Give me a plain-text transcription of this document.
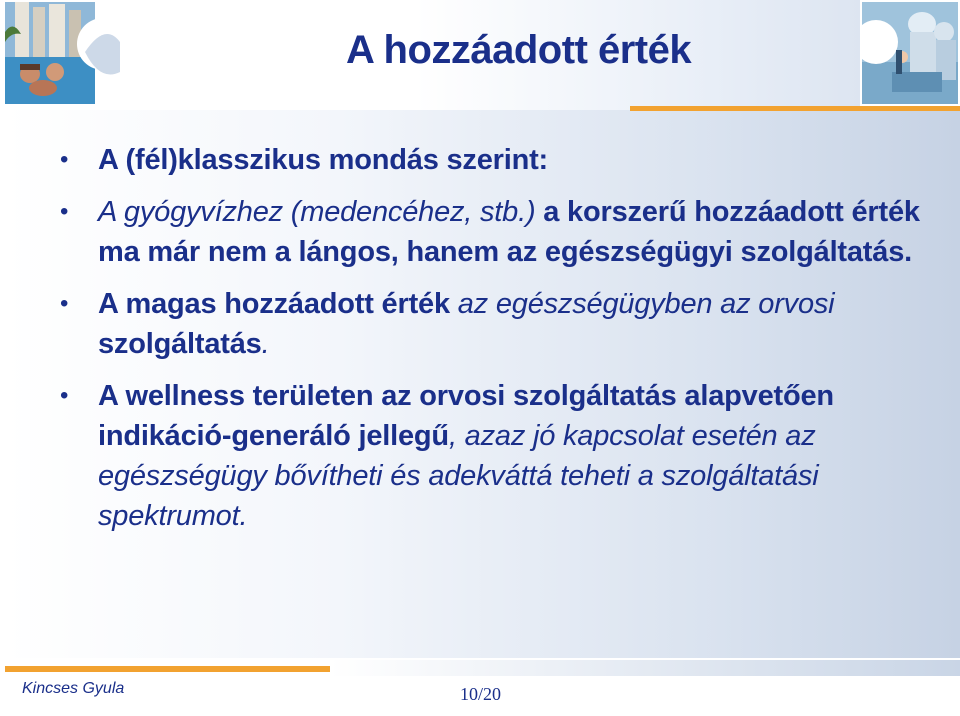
A hozzáadott érték
• A (fél)klasszikus mondás szerint:
• A gyógyvízhez (medencéhez, stb.) a korszerű hozzáadott érték ma már nem a lángos, hanem az egészségügyi szolgáltatás.
• A magas hozzáadott érték az egészségügyben az orvosi szolgáltatás.
• A wellness területen az orvosi szolgáltatás alapvetően indikáció-generáló jellegű, azaz jó kapcsolat esetén az egészségügy bővítheti és adekváttá teheti a szolgáltatási spektrumot.
Kincses Gyula	10/20
